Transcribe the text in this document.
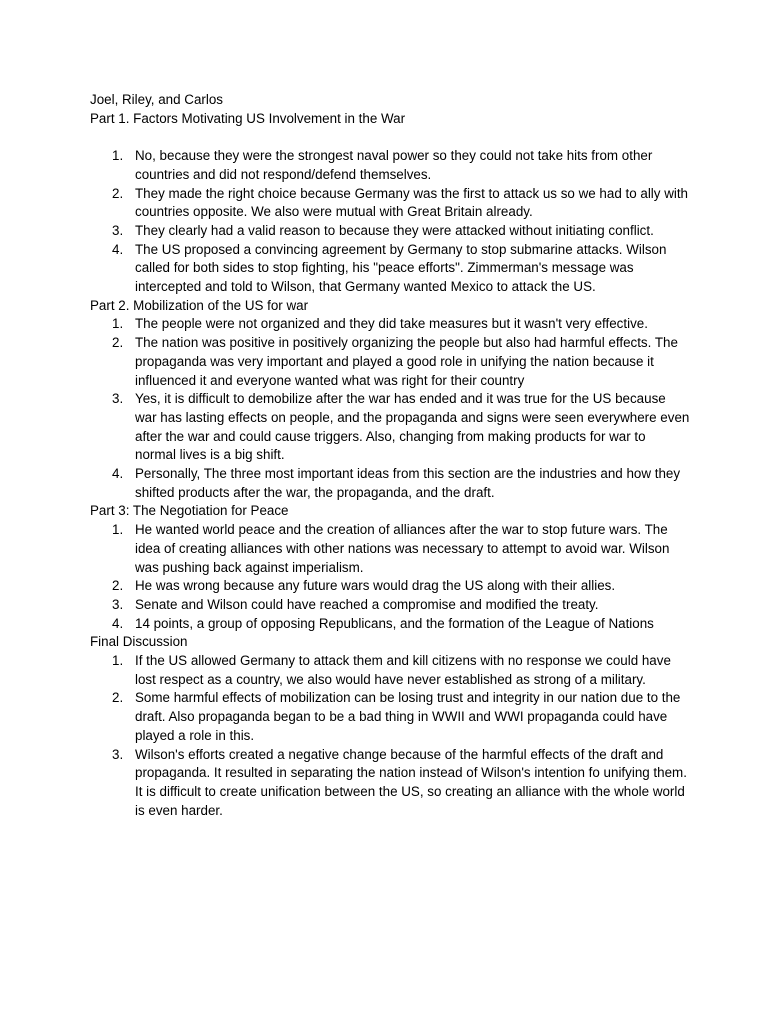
Joel, Riley, and Carlos

Part 1. Factors Motivating US Involvement in the War

1. No, because they were the strongest naval power so they could not take hits from other countries and did not respond/defend themselves.
2. They made the right choice because Germany was the first to attack us so we had to ally with countries opposite. We also were mutual with Great Britain already.
3. They clearly had a valid reason to because they were attacked without initiating conflict.
4. The US proposed a convincing agreement by Germany to stop submarine attacks. Wilson called for both sides to stop fighting, his "peace efforts". Zimmerman's message was intercepted and told to Wilson, that Germany wanted Mexico to attack the US.

Part 2. Mobilization of the US for war

1. The people were not organized and they did take measures but it wasn't very effective.
2. The nation was positive in positively organizing the people but also had harmful effects. The propaganda was very important and played a good role in unifying the nation because it influenced it and everyone wanted what was right for their country
3. Yes, it is difficult to demobilize after the war has ended and it was true for the US because war has lasting effects on people, and the propaganda and signs were seen everywhere even after the war and could cause triggers. Also, changing from making products for war to normal lives is a big shift.
4. Personally, The three most important ideas from this section are the industries and how they shifted products after the war, the propaganda, and the draft.

Part 3: The Negotiation for Peace

1. He wanted world peace and the creation of alliances after the war to stop future wars. The idea of creating alliances with other nations was necessary to attempt to avoid war. Wilson was pushing back against imperialism.
2. He was wrong because any future wars would drag the US along with their allies.
3. Senate and Wilson could have reached a compromise and modified the treaty.
4. 14 points, a group of opposing Republicans, and the formation of the League of Nations

Final Discussion

1. If the US allowed Germany to attack them and kill citizens with no response we could have lost respect as a country, we also would have never established as strong of a military.
2. Some harmful effects of mobilization can be losing trust and integrity in our nation due to the draft. Also propaganda began to be a bad thing in WWII and WWI propaganda could have played a role in this.
3. Wilson's efforts created a negative change because of the harmful effects of the draft and propaganda. It resulted in separating the nation instead of Wilson's intention fo unifying them. It is difficult to create unification between the US, so creating an alliance with the whole world is even harder.
